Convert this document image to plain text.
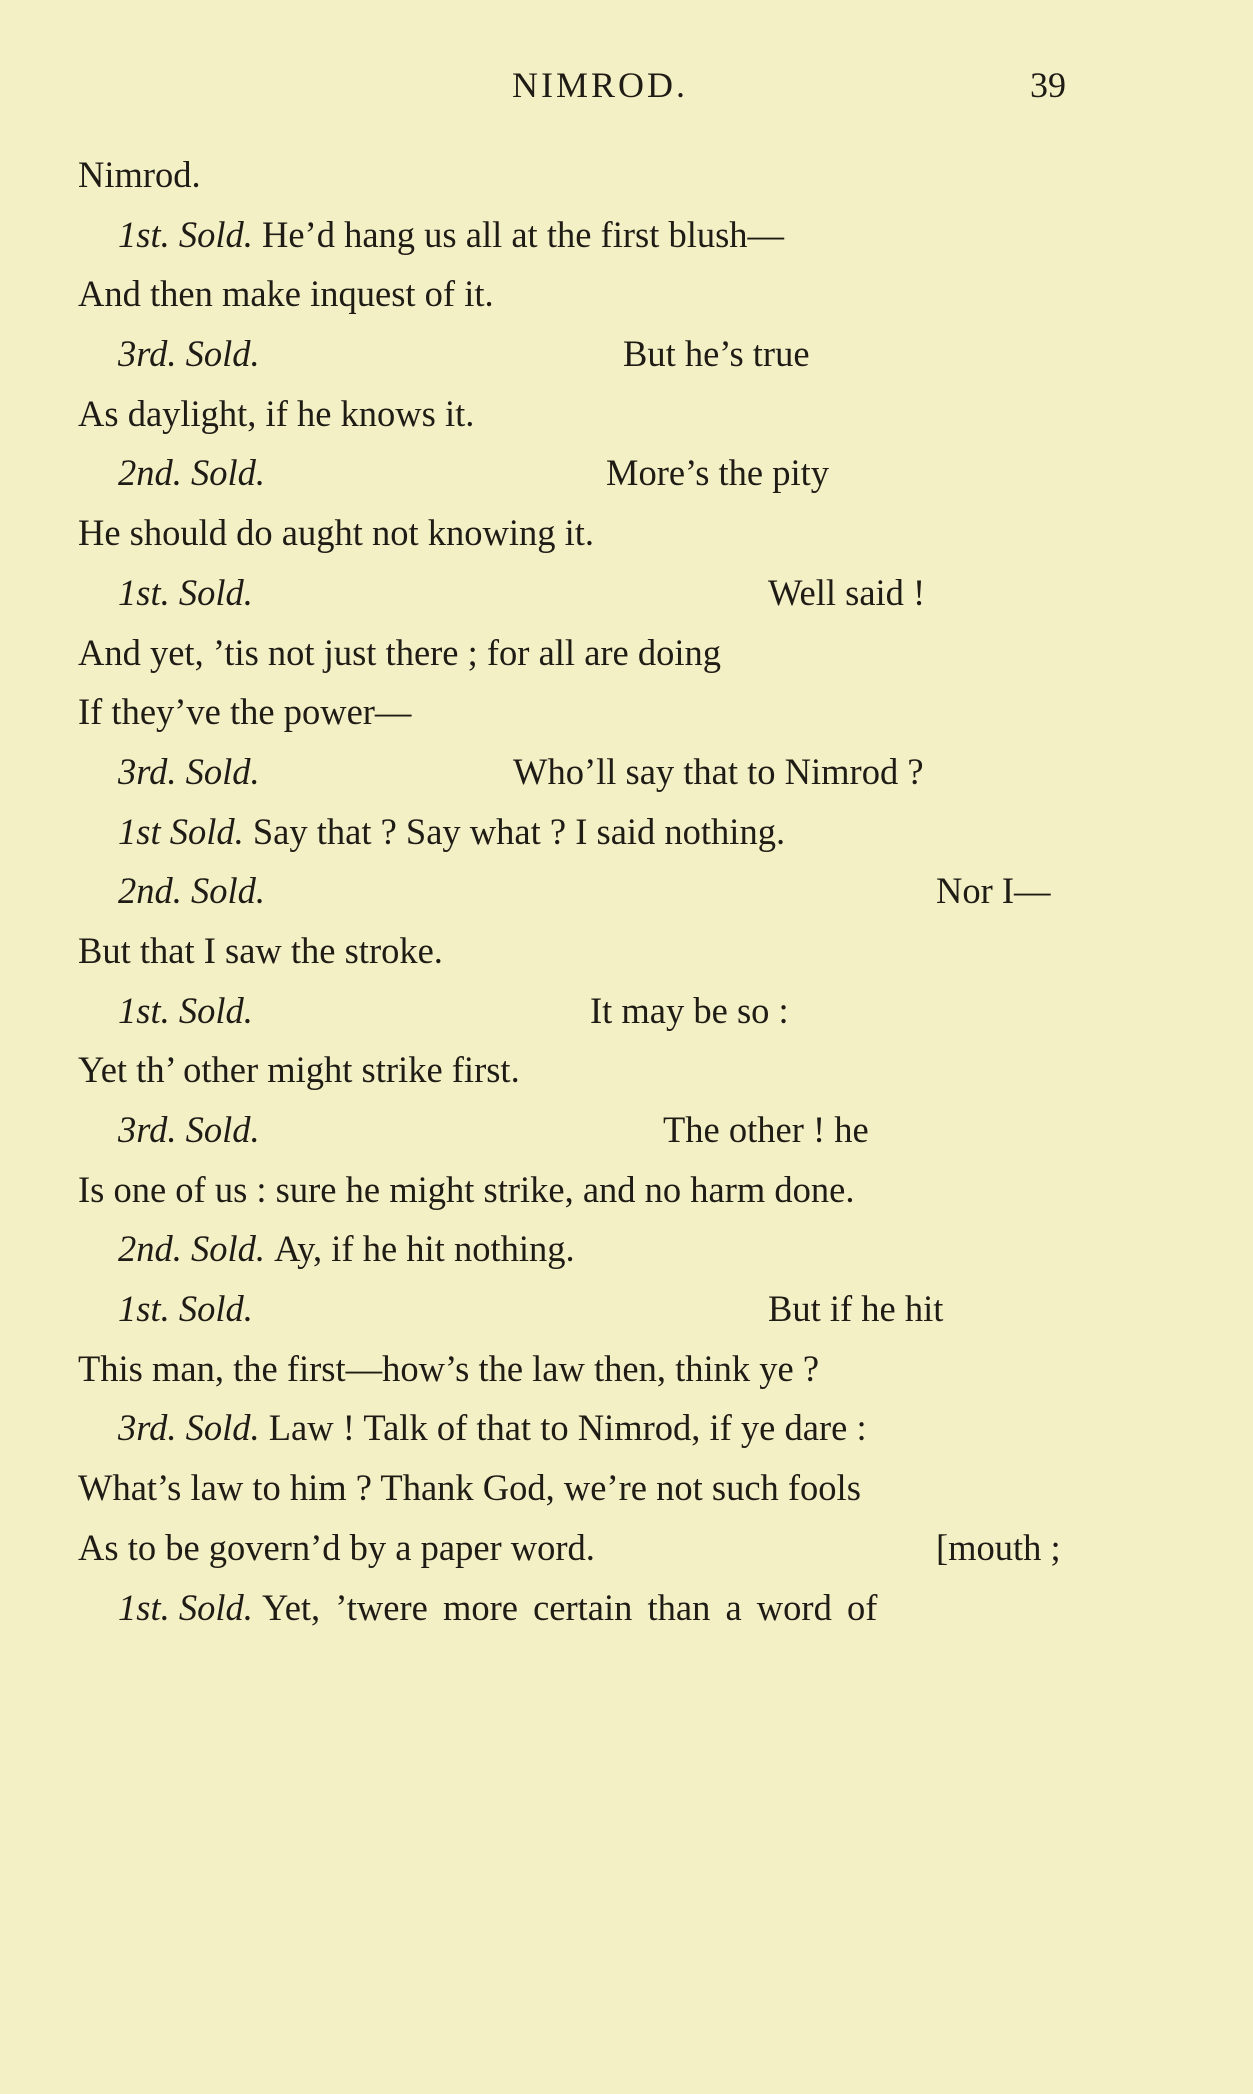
NIMROD.	39
Nimrod.
1st. Sold. He’d hang us all at the first blush—
And then make inquest of it.
3rd. Sold.	But he’s true
As daylight, if he knows it.
2nd. Sold.	More’s the pity
He should do aught not knowing it.
1st. Sold.	Well said !
And yet, ’tis not just there ; for all are doing
If they’ve the power—
3rd. Sold.	Who’ll say that to Nimrod ?
1st Sold. Say that ? Say what ? I said nothing.
2nd. Sold.	Nor I—
But that I saw the stroke.
1st. Sold.	It may be so :
Yet th’ other might strike first.
3rd. Sold.	The other ! he
Is one of us : sure he might strike, and no harm done.
2nd. Sold. Ay, if he hit nothing.
1st. Sold.	But if he hit
This man, the first—how’s the law then, think ye ?
3rd. Sold. Law ! Talk of that to Nimrod, if ye dare :
What’s law to him ? Thank God, we’re not such fools
As to be govern’d by a paper word.	[mouth ;
1st. Sold. Yet, ’twere more certain than a word of
